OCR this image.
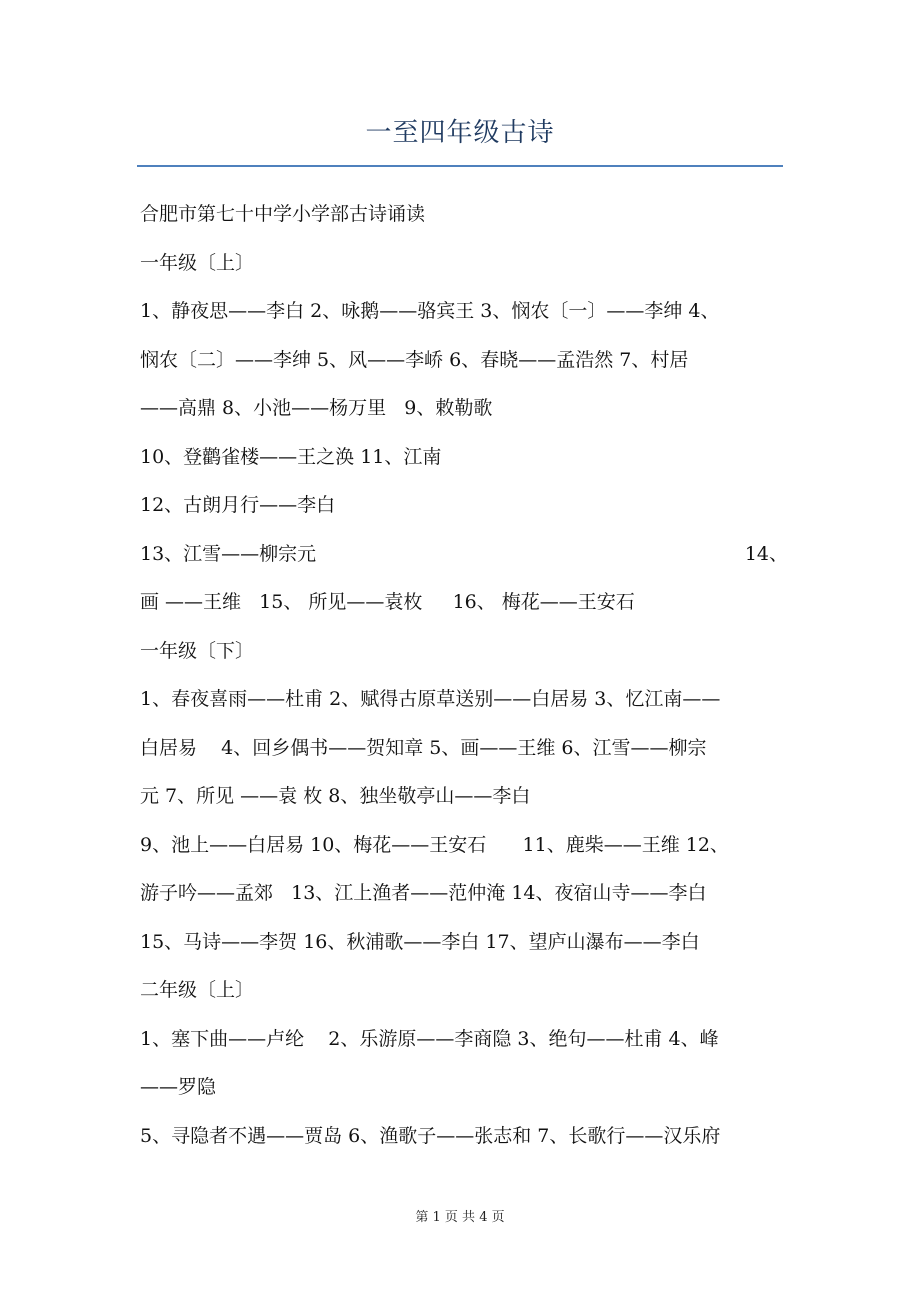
一至四年级古诗
合肥市第七十中学小学部古诗诵读
一年级〔上〕
1、静夜思——李白 2、咏鹅——骆宾王 3、悯农〔一〕——李绅 4、
悯农〔二〕——李绅 5、风——李峤 6、春晓——孟浩然 7、村居
——高鼎 8、小池——杨万里   9、敕勒歌
10、登鹳雀楼——王之涣 11、江南
12、古朗月行——李白
13、江雪——柳宗元	14、
画 ——王维   15、 所见——袁枚     16、 梅花——王安石
一年级〔下〕
1、春夜喜雨——杜甫 2、赋得古原草送别——白居易 3、忆江南——
白居易    4、回乡偶书——贺知章 5、画——王维 6、江雪——柳宗
元 7、所见 ——袁 枚 8、独坐敬亭山——李白
9、池上——白居易 10、梅花——王安石      11、鹿柴——王维 12、
游子吟——孟郊   13、江上渔者——范仲淹 14、夜宿山寺——李白
15、马诗——李贺 16、秋浦歌——李白 17、望庐山瀑布——李白
二年级〔上〕
1、塞下曲——卢纶    2、乐游原——李商隐 3、绝句——杜甫 4、峰
——罗隐
5、寻隐者不遇——贾岛 6、渔歌子——张志和 7、长歌行——汉乐府
第 1 页 共 4 页
